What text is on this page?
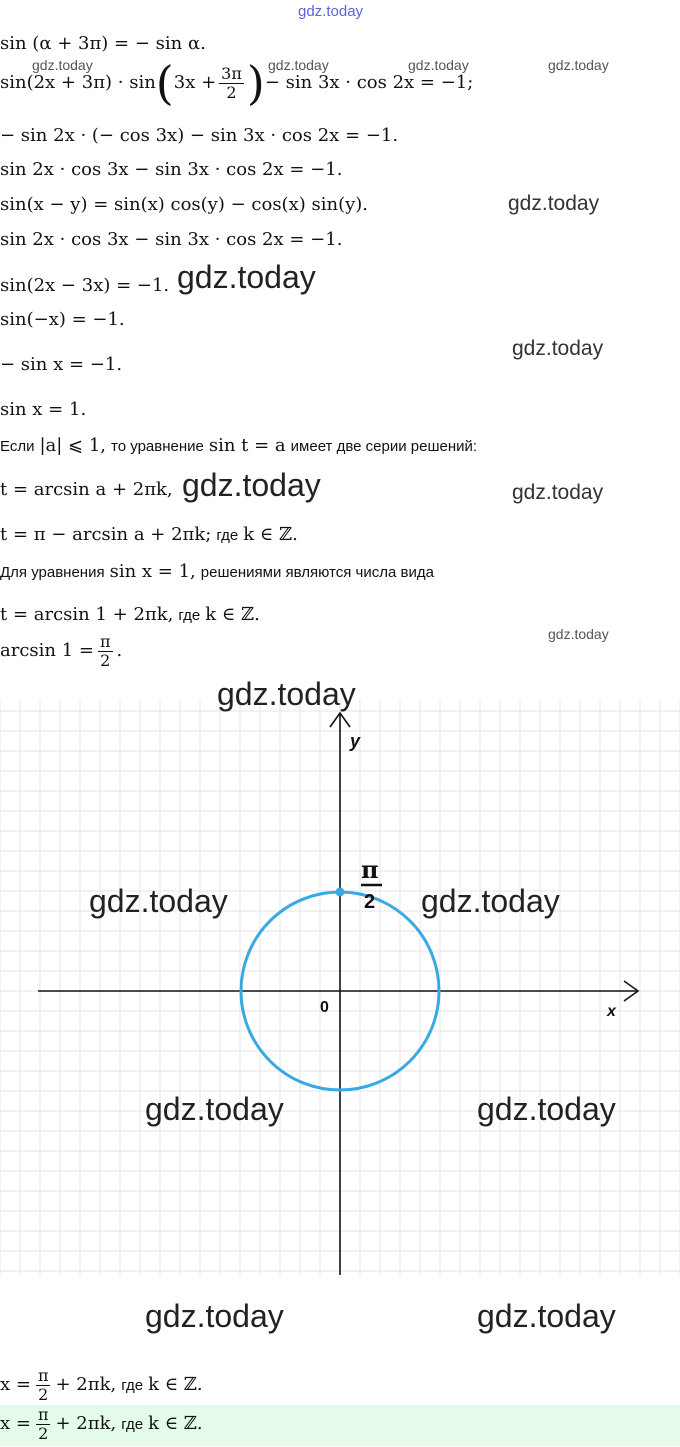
gdz.today
sin (α + 3π) = − sin α.
gdz.today	gdz.today	gdz.today	gdz.today
sin(2x + 3π) · sin ( $3x + \frac{3\pi}{2}$ ) − sin 3x · cos 2x = −1;
− sin 2x · (− cos 3x) − sin 3x · cos 2x = −1.
sin 2x · cos 3x − sin 3x · cos 2x = −1.
sin(x − y) = sin(x) cos(y) − cos(x) sin(y).	gdz.today
sin 2x · cos 3x − sin 3x · cos 2x = −1.
sin(2x − 3x) = −1. gdz.today
sin(−x) = −1.
gdz.today
− sin x = −1.
sin x = 1.
Если |a| ⩽ 1, то уравнение sin t = a имеет две серии решений:
t = arcsin a + 2πk, gdz.today	gdz.today
t = π − arcsin a + 2πk; где k ∈ ℤ.
Для уравнения sin x = 1, решениями являются числа вида
t = arcsin 1 + 2πk, где k ∈ ℤ.
gdz.today
$\arcsin 1 = \frac{\pi}{2}$ .
y
x
0
π
2
gdz.today
gdz.today	gdz.today
gdz.today	gdz.today
gdz.today	gdz.today
$x = \frac{\pi}{2} + 2\pi k$, где k ∈ ℤ.
$x = \frac{\pi}{2} + 2\pi k$, где k ∈ ℤ.
